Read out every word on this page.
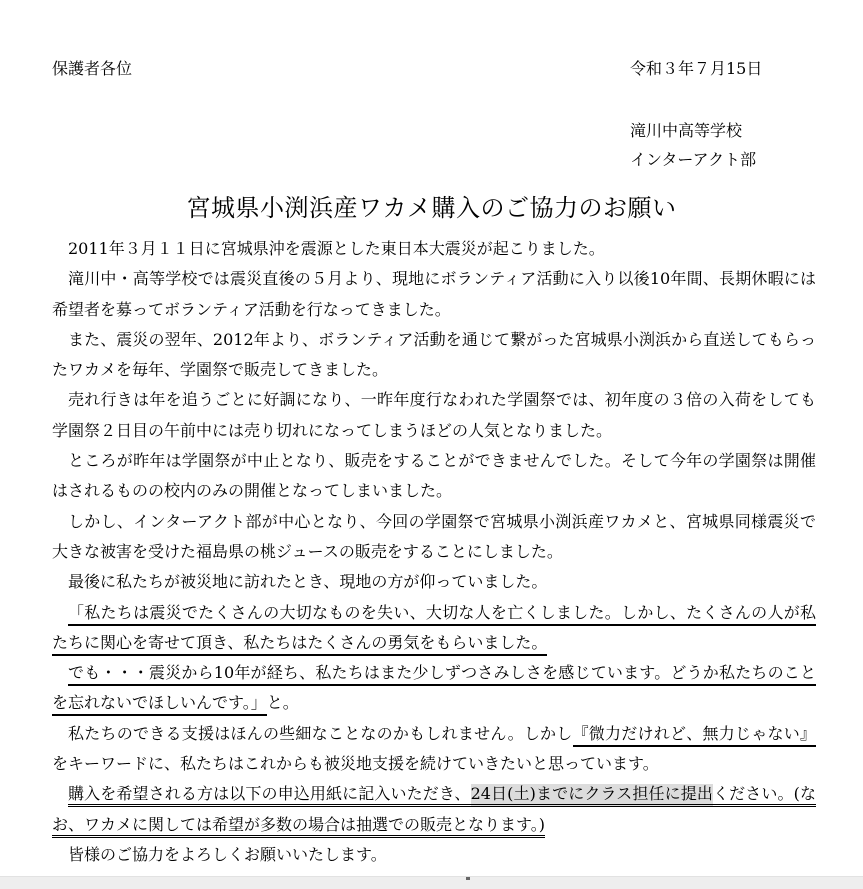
保護者各位	令和３年７月15日
滝川中高等学校
インターアクト部
宮城県小渕浜産ワカメ購入のご協力のお願い

2011年３月１１日に宮城県沖を震源とした東日本大震災が起こりました。

滝川中・高等学校では震災直後の５月より、現地にボランティア活動に入り以後10年間、長期休暇には希望者を募ってボランティア活動を行なってきました。

また、震災の翌年、2012年より、ボランティア活動を通じて繋がった宮城県小渕浜から直送してもらったワカメを毎年、学園祭で販売してきました。

売れ行きは年を追うごとに好調になり、一昨年度行なわれた学園祭では、初年度の３倍の入荷をしても学園祭２日目の午前中には売り切れになってしまうほどの人気となりました。

ところが昨年は学園祭が中止となり、販売をすることができませんでした。そして今年の学園祭は開催はされるものの校内のみの開催となってしまいました。

しかし、インターアクト部が中心となり、今回の学園祭で宮城県小渕浜産ワカメと、宮城県同様震災で大きな被害を受けた福島県の桃ジュースの販売をすることにしました。

最後に私たちが被災地に訪れたとき、現地の方が仰っていました。

「私たちは震災でたくさんの大切なものを失い、大切な人を亡くしました。しかし、たくさんの人が私たちに関心を寄せて頂き、私たちはたくさんの勇気をもらいました。

でも・・・震災から10年が経ち、私たちはまた少しずつさみしさを感じています。どうか私たちのことを忘れないでほしいんです。」と。

私たちのできる支援はほんの些細なことなのかもしれません。しかし『微力だけれど、無力じゃない』をキーワードに、私たちはこれからも被災地支援を続けていきたいと思っています。

購入を希望される方は以下の申込用紙に記入いただき、24日(土)までにクラス担任に提出ください。(なお、ワカメに関しては希望が多数の場合は抽選での販売となります。)

皆様のご協力をよろしくお願いいたします。
